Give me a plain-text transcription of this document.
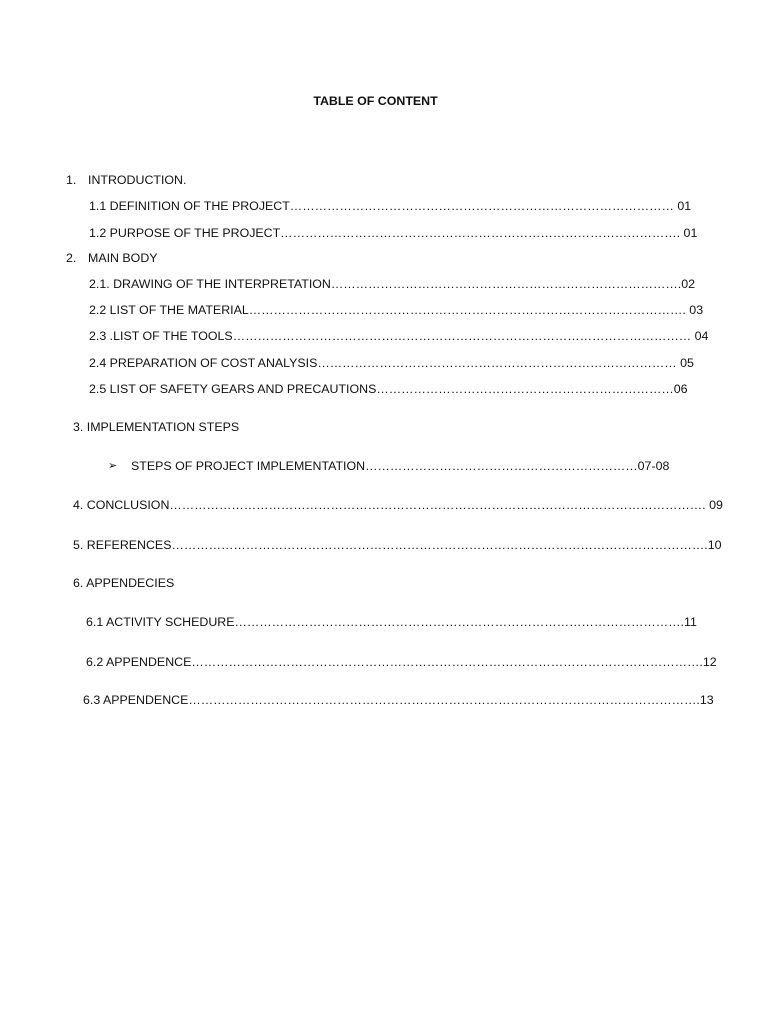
TABLE OF CONTENT
1. INTRODUCTION.
1.1 DEFINITION OF THE PROJECT………………………………………………………………………………… 01
1.2 PURPOSE OF THE PROJECT……………………………………………………………………………………. 01
2. MAIN BODY
2.1. DRAWING OF THE INTERPRETATION………………………………………………………………………….02
2.2 LIST OF THE MATERIAL……………………………………………………………………………………………. 03
2.3 .LIST OF THE TOOLS………………………………………………………………………………………………… 04
2.4 PREPARATION OF COST ANALYSIS…………………………………………………………………………… 05
2.5 LIST OF SAFETY GEARS AND PRECAUTIONS………………………………………………………………06
3. IMPLEMENTATION STEPS
➢ STEPS OF PROJECT IMPLEMENTATION…………………………………………………………07-08
4. CONCLUSION…………………………………………………………………………………………………………………. 09
5. REFERENCES………………………………………………………………………………………………………………….10
6. APPENDECIES
6.1 ACTIVITY SCHEDURE……………………………………………………………………………………………….11
6.2 APPENDENCE…………………………………………………………………………………………………………….12
6.3 APPENDENCE…………………………………………………………………………………………………………….13
